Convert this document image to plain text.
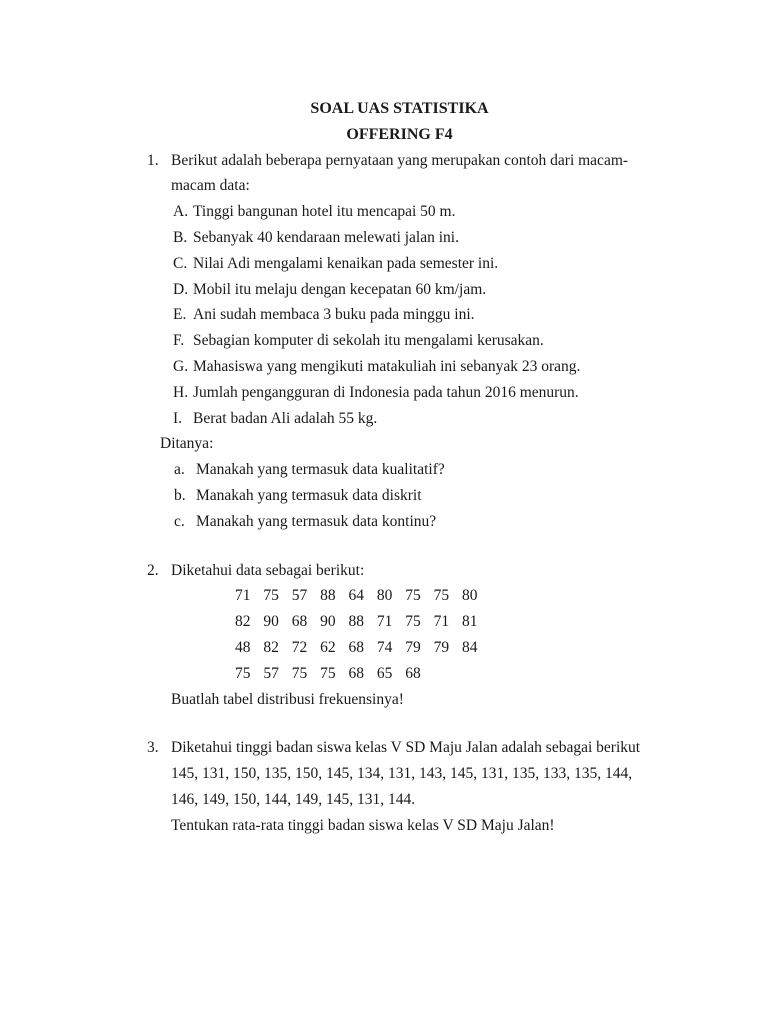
SOAL UAS STATISTIKA
OFFERING F4
1. Berikut adalah beberapa pernyataan yang merupakan contoh dari macam-
macam data:
A. Tinggi bangunan hotel itu mencapai 50 m.
B. Sebanyak 40 kendaraan melewati jalan ini.
C. Nilai Adi mengalami kenaikan pada semester ini.
D. Mobil itu melaju dengan kecepatan 60 km/jam.
E. Ani sudah membaca 3 buku pada minggu ini.
F. Sebagian komputer di sekolah itu mengalami kerusakan.
G. Mahasiswa yang mengikuti matakuliah ini sebanyak 23 orang.
H. Jumlah pengangguran di Indonesia pada tahun 2016 menurun.
I. Berat badan Ali adalah 55 kg.
Ditanya:
a. Manakah yang termasuk data kualitatif?
b. Manakah yang termasuk data diskrit
c. Manakah yang termasuk data kontinu?
2. Diketahui data sebagai berikut:
71 75 57 88 64 80 75 75 80
82 90 68 90 88 71 75 71 81
48 82 72 62 68 74 79 79 84
75 57 75 75 68 65 68
Buatlah tabel distribusi frekuensinya!
3. Diketahui tinggi badan siswa kelas V SD Maju Jalan adalah sebagai berikut
145, 131, 150, 135, 150, 145, 134, 131, 143, 145, 131, 135, 133, 135, 144,
146, 149, 150, 144, 149, 145, 131, 144.
Tentukan rata-rata tinggi badan siswa kelas V SD Maju Jalan!
